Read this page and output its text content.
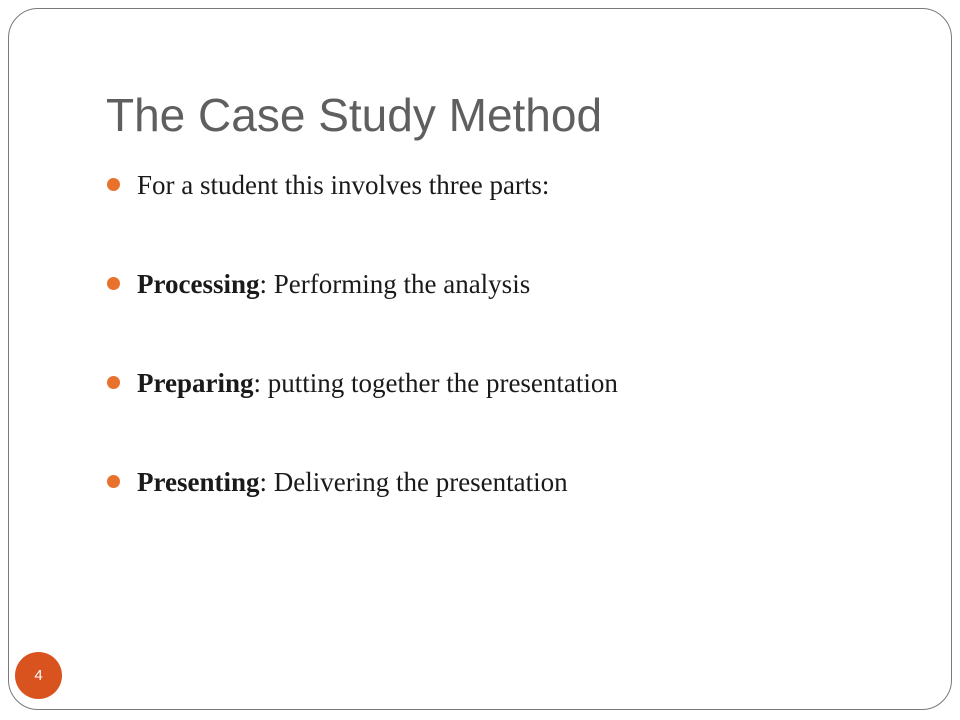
The Case Study Method
For a student this involves three parts:
Processing: Performing the analysis
Preparing: putting together the presentation
Presenting: Delivering the presentation
4
